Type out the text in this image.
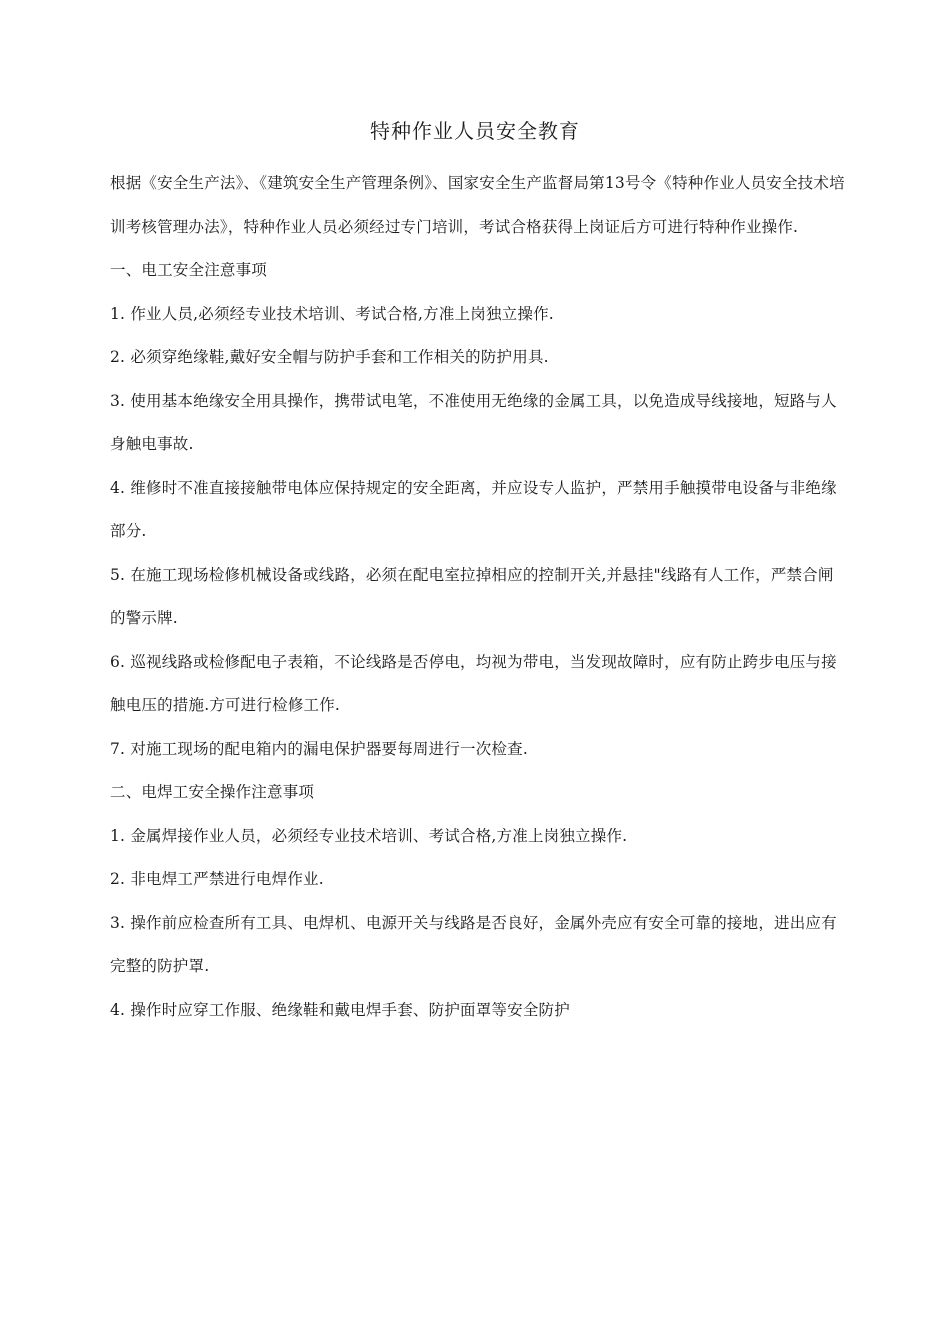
特种作业人员安全教育

根据《安全生产法》、《建筑安全生产管理条例》、国家安全生产监督局第13号令《特种作业人员安全技术培训考核管理办法》，特种作业人员必须经过专门培训，考试合格获得上岗证后方可进行特种作业操作.

一、电工安全注意事项

1. 作业人员,必须经专业技术培训、考试合格,方准上岗独立操作.

2. 必须穿绝缘鞋,戴好安全帽与防护手套和工作相关的防护用具.

3. 使用基本绝缘安全用具操作，携带试电笔，不准使用无绝缘的金属工具，以免造成导线接地，短路与人身触电事故.

4. 维修时不准直接接触带电体应保持规定的安全距离，并应设专人监护，严禁用手触摸带电设备与非绝缘部分.

5. 在施工现场检修机械设备或线路，必须在配电室拉掉相应的控制开关,并悬挂"线路有人工作，严禁合闸的警示牌.

6. 巡视线路或检修配电子表箱，不论线路是否停电，均视为带电，当发现故障时，应有防止跨步电压与接触电压的措施.方可进行检修工作.

7. 对施工现场的配电箱内的漏电保护器要每周进行一次检查.

二、电焊工安全操作注意事项

1. 金属焊接作业人员，必须经专业技术培训、考试合格,方准上岗独立操作.

2. 非电焊工严禁进行电焊作业.

3. 操作前应检查所有工具、电焊机、电源开关与线路是否良好，金属外壳应有安全可靠的接地，进出应有完整的防护罩.

4. 操作时应穿工作服、绝缘鞋和戴电焊手套、防护面罩等安全防护
